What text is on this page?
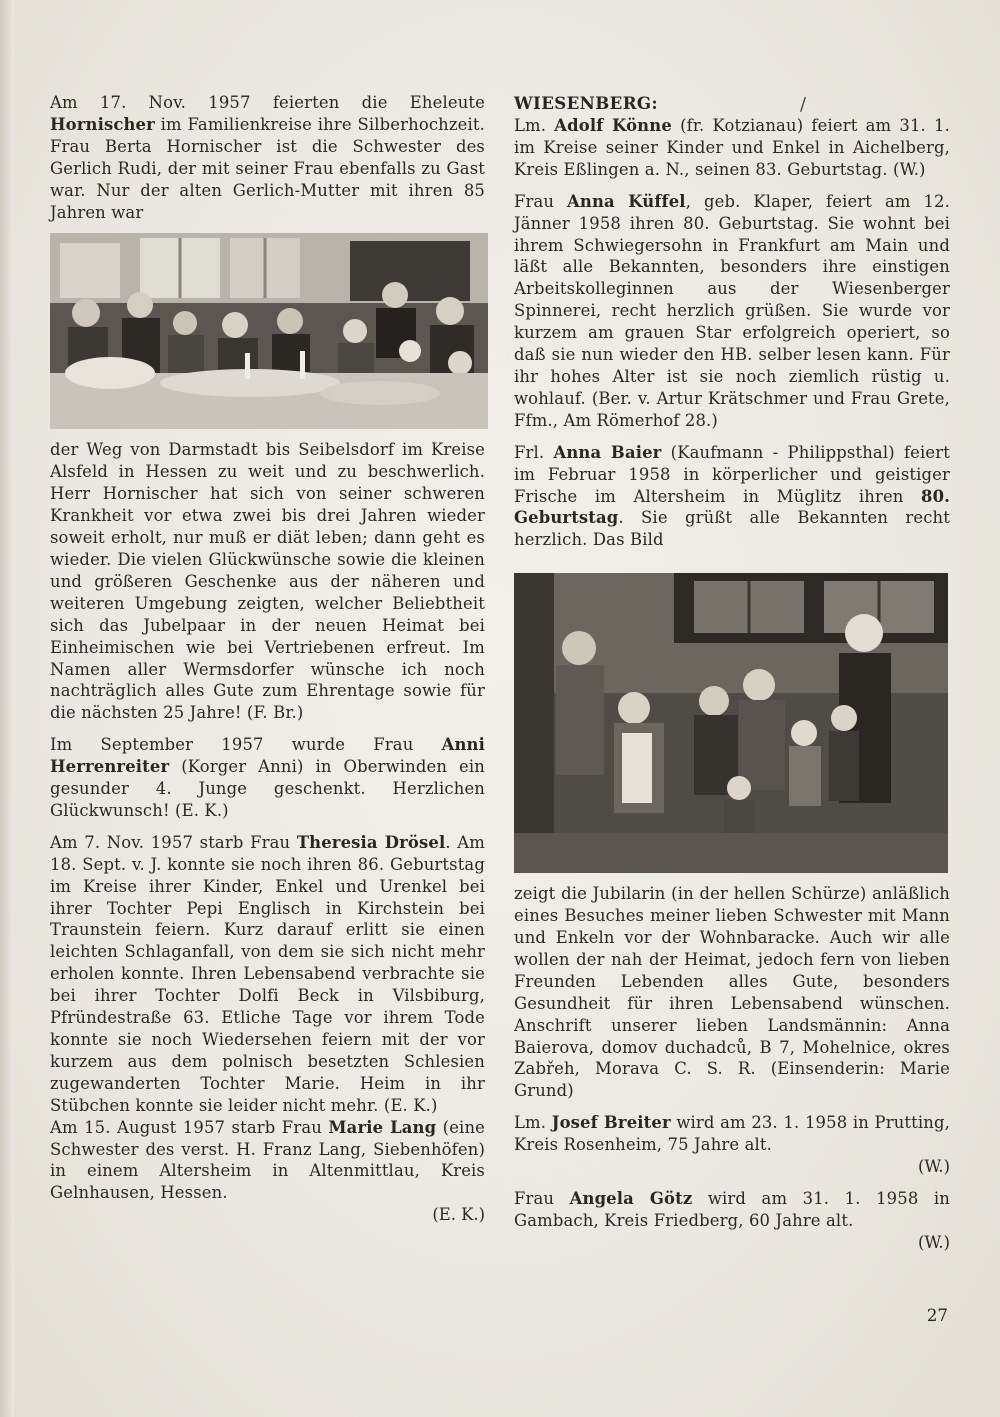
Am 17. Nov. 1957 feierten die Eheleute Hornischer im Familienkreise ihre Silberhochzeit. Frau Berta Hornischer ist die Schwester des Gerlich Rudi, der mit seiner Frau ebenfalls zu Gast war. Nur der alten Gerlich-Mutter mit ihren 85 Jahren war

der Weg von Darmstadt bis Seibelsdorf im Kreise Alsfeld in Hessen zu weit und zu beschwerlich. Herr Hornischer hat sich von seiner schweren Krankheit vor etwa zwei bis drei Jahren wieder soweit erholt, nur muß er diät leben; dann geht es wieder. Die vielen Glückwünsche sowie die kleinen und größeren Geschenke aus der näheren und weiteren Umgebung zeigten, welcher Beliebtheit sich das Jubelpaar in der neuen Heimat bei Einheimischen wie bei Vertriebenen erfreut. Im Namen aller Wermsdorfer wünsche ich noch nachträglich alles Gute zum Ehrentage sowie für die nächsten 25 Jahre! (F. Br.)

Im September 1957 wurde Frau Anni Herrenreiter (Korger Anni) in Oberwinden ein gesunder 4. Junge geschenkt. Herzlichen Glückwunsch! (E. K.)

Am 7. Nov. 1957 starb Frau Theresia Drösel. Am 18. Sept. v. J. konnte sie noch ihren 86. Geburtstag im Kreise ihrer Kinder, Enkel und Urenkel bei ihrer Tochter Pepi Englisch in Kirchstein bei Traunstein feiern. Kurz darauf erlitt sie einen leichten Schlaganfall, von dem sie sich nicht mehr erholen konnte. Ihren Lebensabend verbrachte sie bei ihrer Tochter Dolfi Beck in Vilsbiburg, Pfründestraße 63. Etliche Tage vor ihrem Tode konnte sie noch Wiedersehen feiern mit der vor kurzem aus dem polnisch besetzten Schlesien zugewanderten Tochter Marie. Heim in ihr Stübchen konnte sie leider nicht mehr. (E. K.)

Am 15. August 1957 starb Frau Marie Lang (eine Schwester des verst. H. Franz Lang, Siebenhöfen) in einem Altersheim in Altenmittlau, Kreis Gelnhausen, Hessen.

(E. K.)
WIESENBERG:

Lm. Adolf Könne (fr. Kotzianau) feiert am 31. 1. im Kreise seiner Kinder und Enkel in Aichelberg, Kreis Eßlingen a. N., seinen 83. Geburtstag. (W.)

Frau Anna Küffel, geb. Klaper, feiert am 12. Jänner 1958 ihren 80. Geburtstag. Sie wohnt bei ihrem Schwiegersohn in Frankfurt am Main und läßt alle Bekannten, besonders ihre einstigen Arbeitskolleginnen aus der Wiesenberger Spinnerei, recht herzlich grüßen. Sie wurde vor kurzem am grauen Star erfolgreich operiert, so daß sie nun wieder den HB. selber lesen kann. Für ihr hohes Alter ist sie noch ziemlich rüstig u. wohlauf. (Ber. v. Artur Krätschmer und Frau Grete, Ffm., Am Römerhof 28.)

Frl. Anna Baier (Kaufmann - Philippsthal) feiert im Februar 1958 in körperlicher und geistiger Frische im Altersheim in Müglitz ihren 80. Geburtstag. Sie grüßt alle Bekannten recht herzlich. Das Bild

zeigt die Jubilarin (in der hellen Schürze) anläßlich eines Besuches meiner lieben Schwester mit Mann und Enkeln vor der Wohnbaracke. Auch wir alle wollen der nah der Heimat, jedoch fern von lieben Freunden Lebenden alles Gute, besonders Gesundheit für ihren Lebensabend wünschen. Anschrift unserer lieben Landsmännin: Anna Baierova, domov duchadců, B 7, Mohelnice, okres Zabřeh, Morava C. S. R. (Einsenderin: Marie Grund)

Lm. Josef Breiter wird am 23. 1. 1958 in Prutting, Kreis Rosenheim, 75 Jahre alt.

(W.)

Frau Angela Götz wird am 31. 1. 1958 in Gambach, Kreis Friedberg, 60 Jahre alt.

(W.)
/
27
